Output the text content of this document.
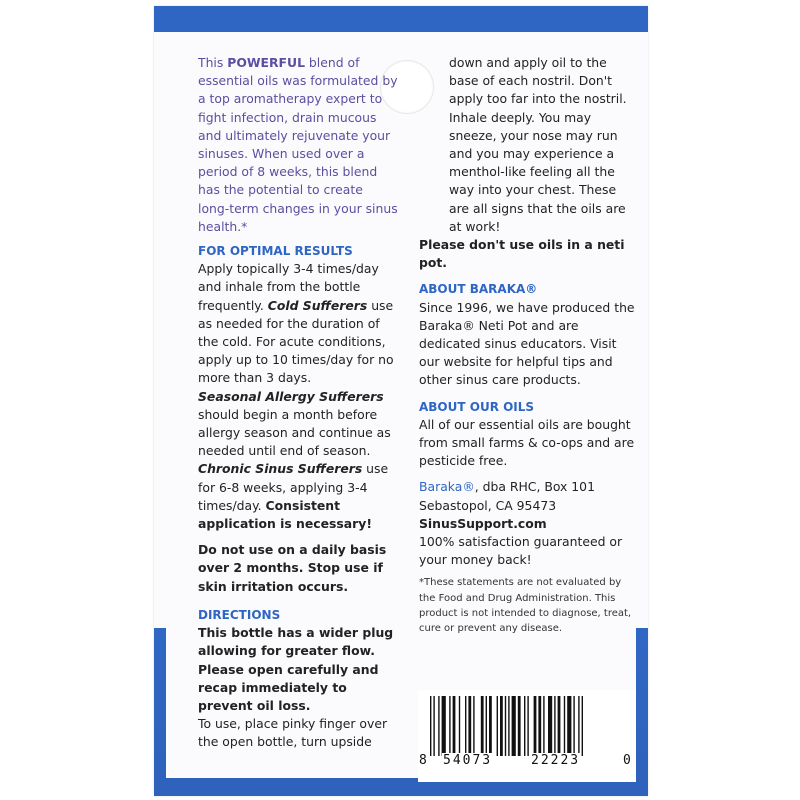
This POWERFUL blend of essential oils was formulated by a top aromatherapy expert to fight infection, drain mucous and ultimately rejuvenate your sinuses. When used over a period of 8 weeks, this blend has the potential to create long-term changes in your sinus health.*

FOR OPTIMAL RESULTS

Apply topically 3-4 times/day and inhale from the bottle frequently. Cold Sufferers use as needed for the duration of the cold. For acute conditions, apply up to 10 times/day for no more than 3 days.
Seasonal Allergy Sufferers should begin a month before allergy season and continue as needed until end of season.
Chronic Sinus Sufferers use for 6-8 weeks, applying 3-4 times/day. Consistent application is necessary!

Do not use on a daily basis over 2 months. Stop use if skin irritation occurs.

DIRECTIONS

This bottle has a wider plug allowing for greater flow. Please open carefully and recap immediately to prevent oil loss.

To use, place pinky finger over the open bottle, turn upside

down and apply oil to the base of each nostril. Don't apply too far into the nostril. Inhale deeply. You may sneeze, your nose may run and you may experience a menthol-like feeling all the way into your chest. These are all signs that the oils are at work!

Please don't use oils in a neti pot.

ABOUT BARAKA®

Since 1996, we have produced the Baraka® Neti Pot and are dedicated sinus educators. Visit our website for helpful tips and other sinus care products.

ABOUT OUR OILS

All of our essential oils are bought from small farms & co-ops and are pesticide free.

Baraka®, dba RHC, Box 101
Sebastopol, CA 95473
SinusSupport.com
100% satisfaction guaranteed or your money back!

*These statements are not evaluated by the Food and Drug Administration. This product is not intended to diagnose, treat, cure or prevent any disease.

8 54073	22223	0
